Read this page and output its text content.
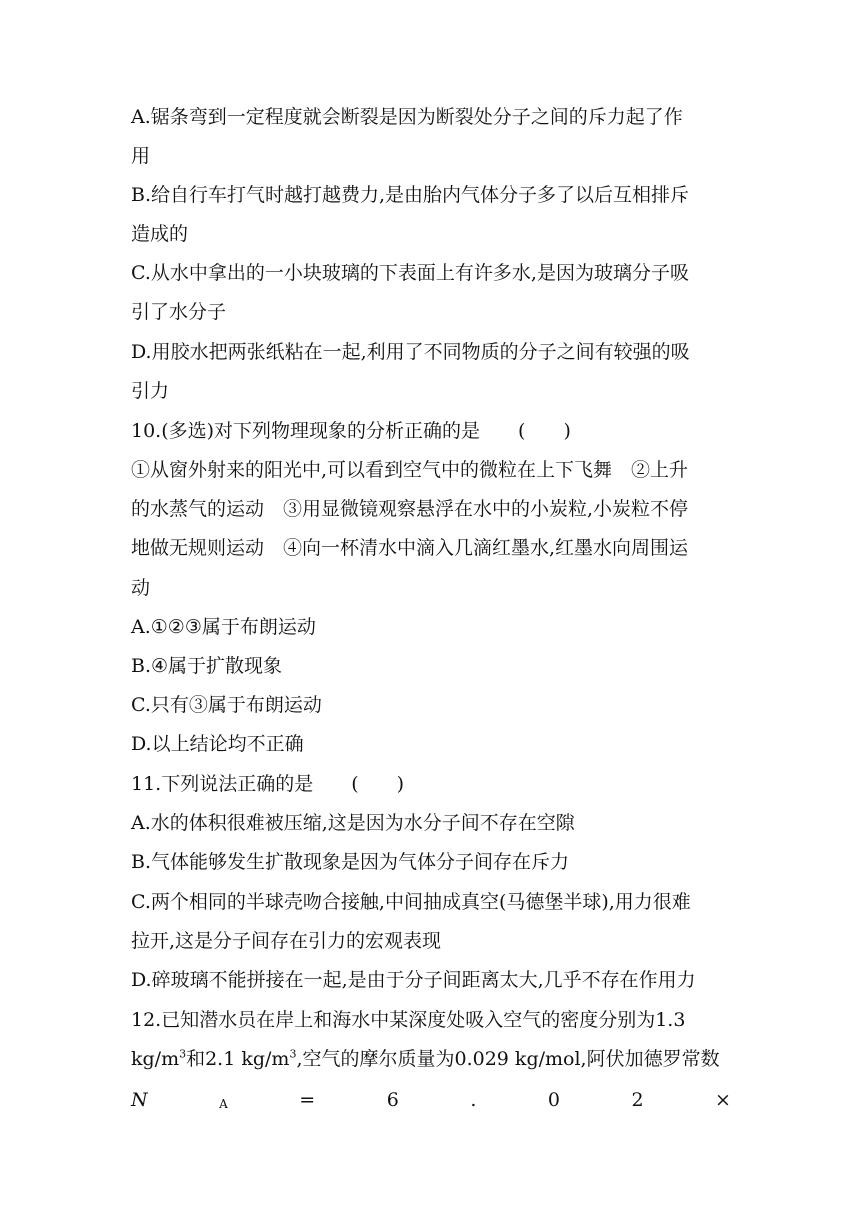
A.锯条弯到一定程度就会断裂是因为断裂处分子之间的斥力起了作
用
B.给自行车打气时越打越费力,是由胎内气体分子多了以后互相排斥
造成的
C.从水中拿出的一小块玻璃的下表面上有许多水,是因为玻璃分子吸
引了水分子
D.用胶水把两张纸粘在一起,利用了不同物质的分子之间有较强的吸
引力
10.(多选)对下列物理现象的分析正确的是 (　　)
①从窗外射来的阳光中,可以看到空气中的微粒在上下飞舞　②上升
的水蒸气的运动　③用显微镜观察悬浮在水中的小炭粒,小炭粒不停
地做无规则运动　④向一杯清水中滴入几滴红墨水,红墨水向周围运
动
A.①②③属于布朗运动
B.④属于扩散现象
C.只有③属于布朗运动
D.以上结论均不正确
11.下列说法正确的是 (　　)
A.水的体积很难被压缩,这是因为水分子间不存在空隙
B.气体能够发生扩散现象是因为气体分子间存在斥力
C.两个相同的半球壳吻合接触,中间抽成真空(马德堡半球),用力很难
拉开,这是分子间存在引力的宏观表现
D.碎玻璃不能拼接在一起,是由于分子间距离太大,几乎不存在作用力
12.已知潜水员在岸上和海水中某深度处吸入空气的密度分别为1.3
$kg/m^3$和2.1 $kg/m^3$,空气的摩尔质量为0.029 kg/mol,阿伏加德罗常数
N	A	=	6	.	0	2	×
